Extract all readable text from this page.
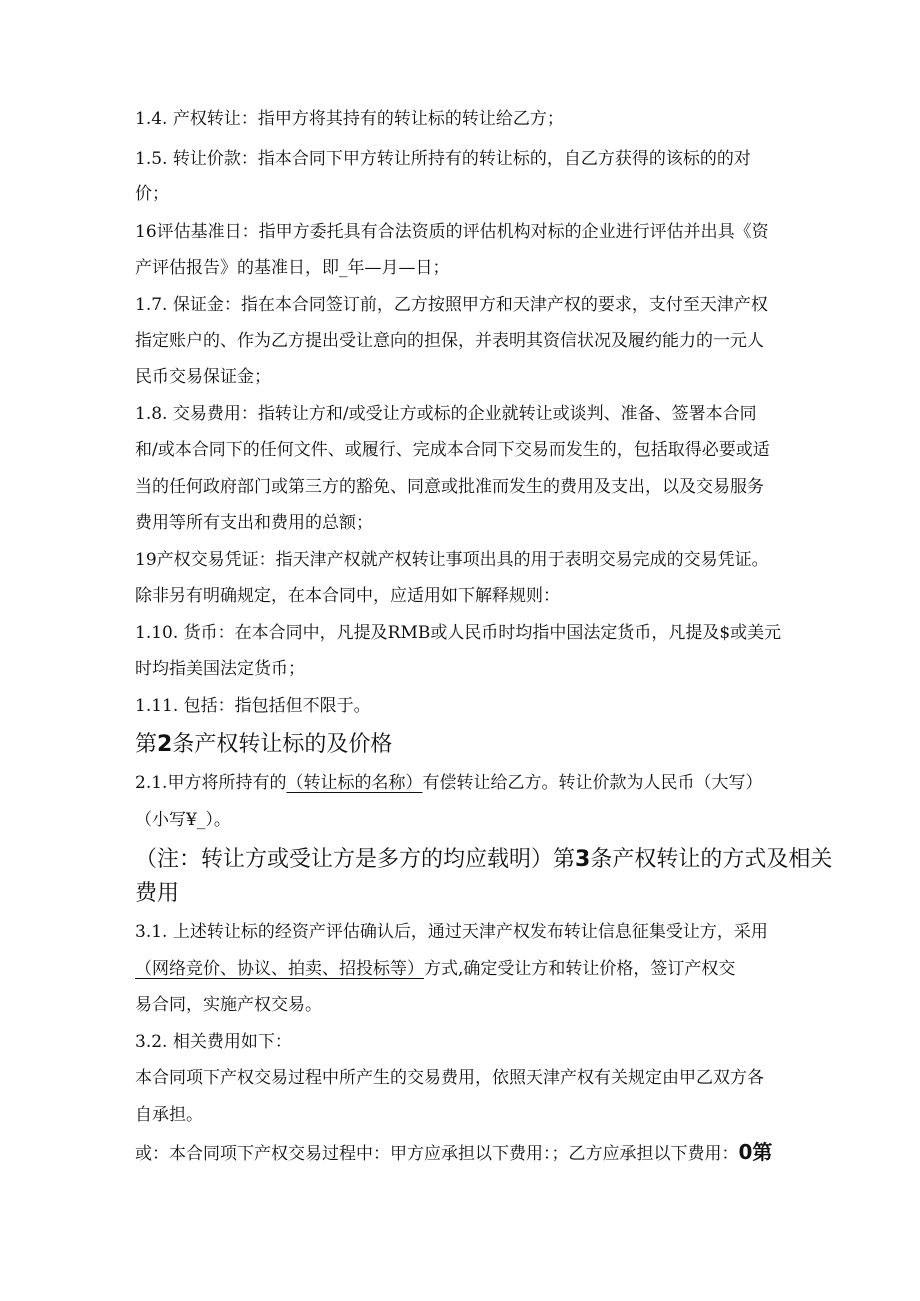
1.4. 产权转让：指甲方将其持有的转让标的转让给乙方；
1.5. 转让价款：指本合同下甲方转让所持有的转让标的，自乙方获得的该标的的对
价；
16评估基准日：指甲方委托具有合法资质的评估机构对标的企业进行评估并出具《资
产评估报告》的基准日，即_年—月—日；
1.7. 保证金：指在本合同签订前，乙方按照甲方和天津产权的要求，支付至天津产权
指定账户的、作为乙方提出受让意向的担保，并表明其资信状况及履约能力的一元人
民币交易保证金；
1.8. 交易费用：指转让方和/或受让方或标的企业就转让或谈判、准备、签署本合同
和/或本合同下的任何文件、或履行、完成本合同下交易而发生的，包括取得必要或适
当的任何政府部门或第三方的豁免、同意或批准而发生的费用及支出，以及交易服务
费用等所有支出和费用的总额；
19产权交易凭证：指天津产权就产权转让事项出具的用于表明交易完成的交易凭证。
除非另有明确规定，在本合同中，应适用如下解释规则：
1.10. 货币：在本合同中，凡提及RMB或人民币时均指中国法定货币，凡提及$或美元
时均指美国法定货币；
1.11. 包括：指包括但不限于。
第2条产权转让标的及价格
2.1.甲方将所持有的（转让标的名称）有偿转让给乙方。转让价款为人民币（大写）
（小写¥_）。
（注：转让方或受让方是多方的均应载明）第3条产权转让的方式及相关
费用
3.1. 上述转让标的经资产评估确认后，通过天津产权发布转让信息征集受让方，采用
（网络竞价、协议、拍卖、招投标等）方式,确定受让方和转让价格，签订产权交
易合同，实施产权交易。
3.2. 相关费用如下：
本合同项下产权交易过程中所产生的交易费用，依照天津产权有关规定由甲乙双方各
自承担。
或：本合同项下产权交易过程中：甲方应承担以下费用：；乙方应承担以下费用：0第
